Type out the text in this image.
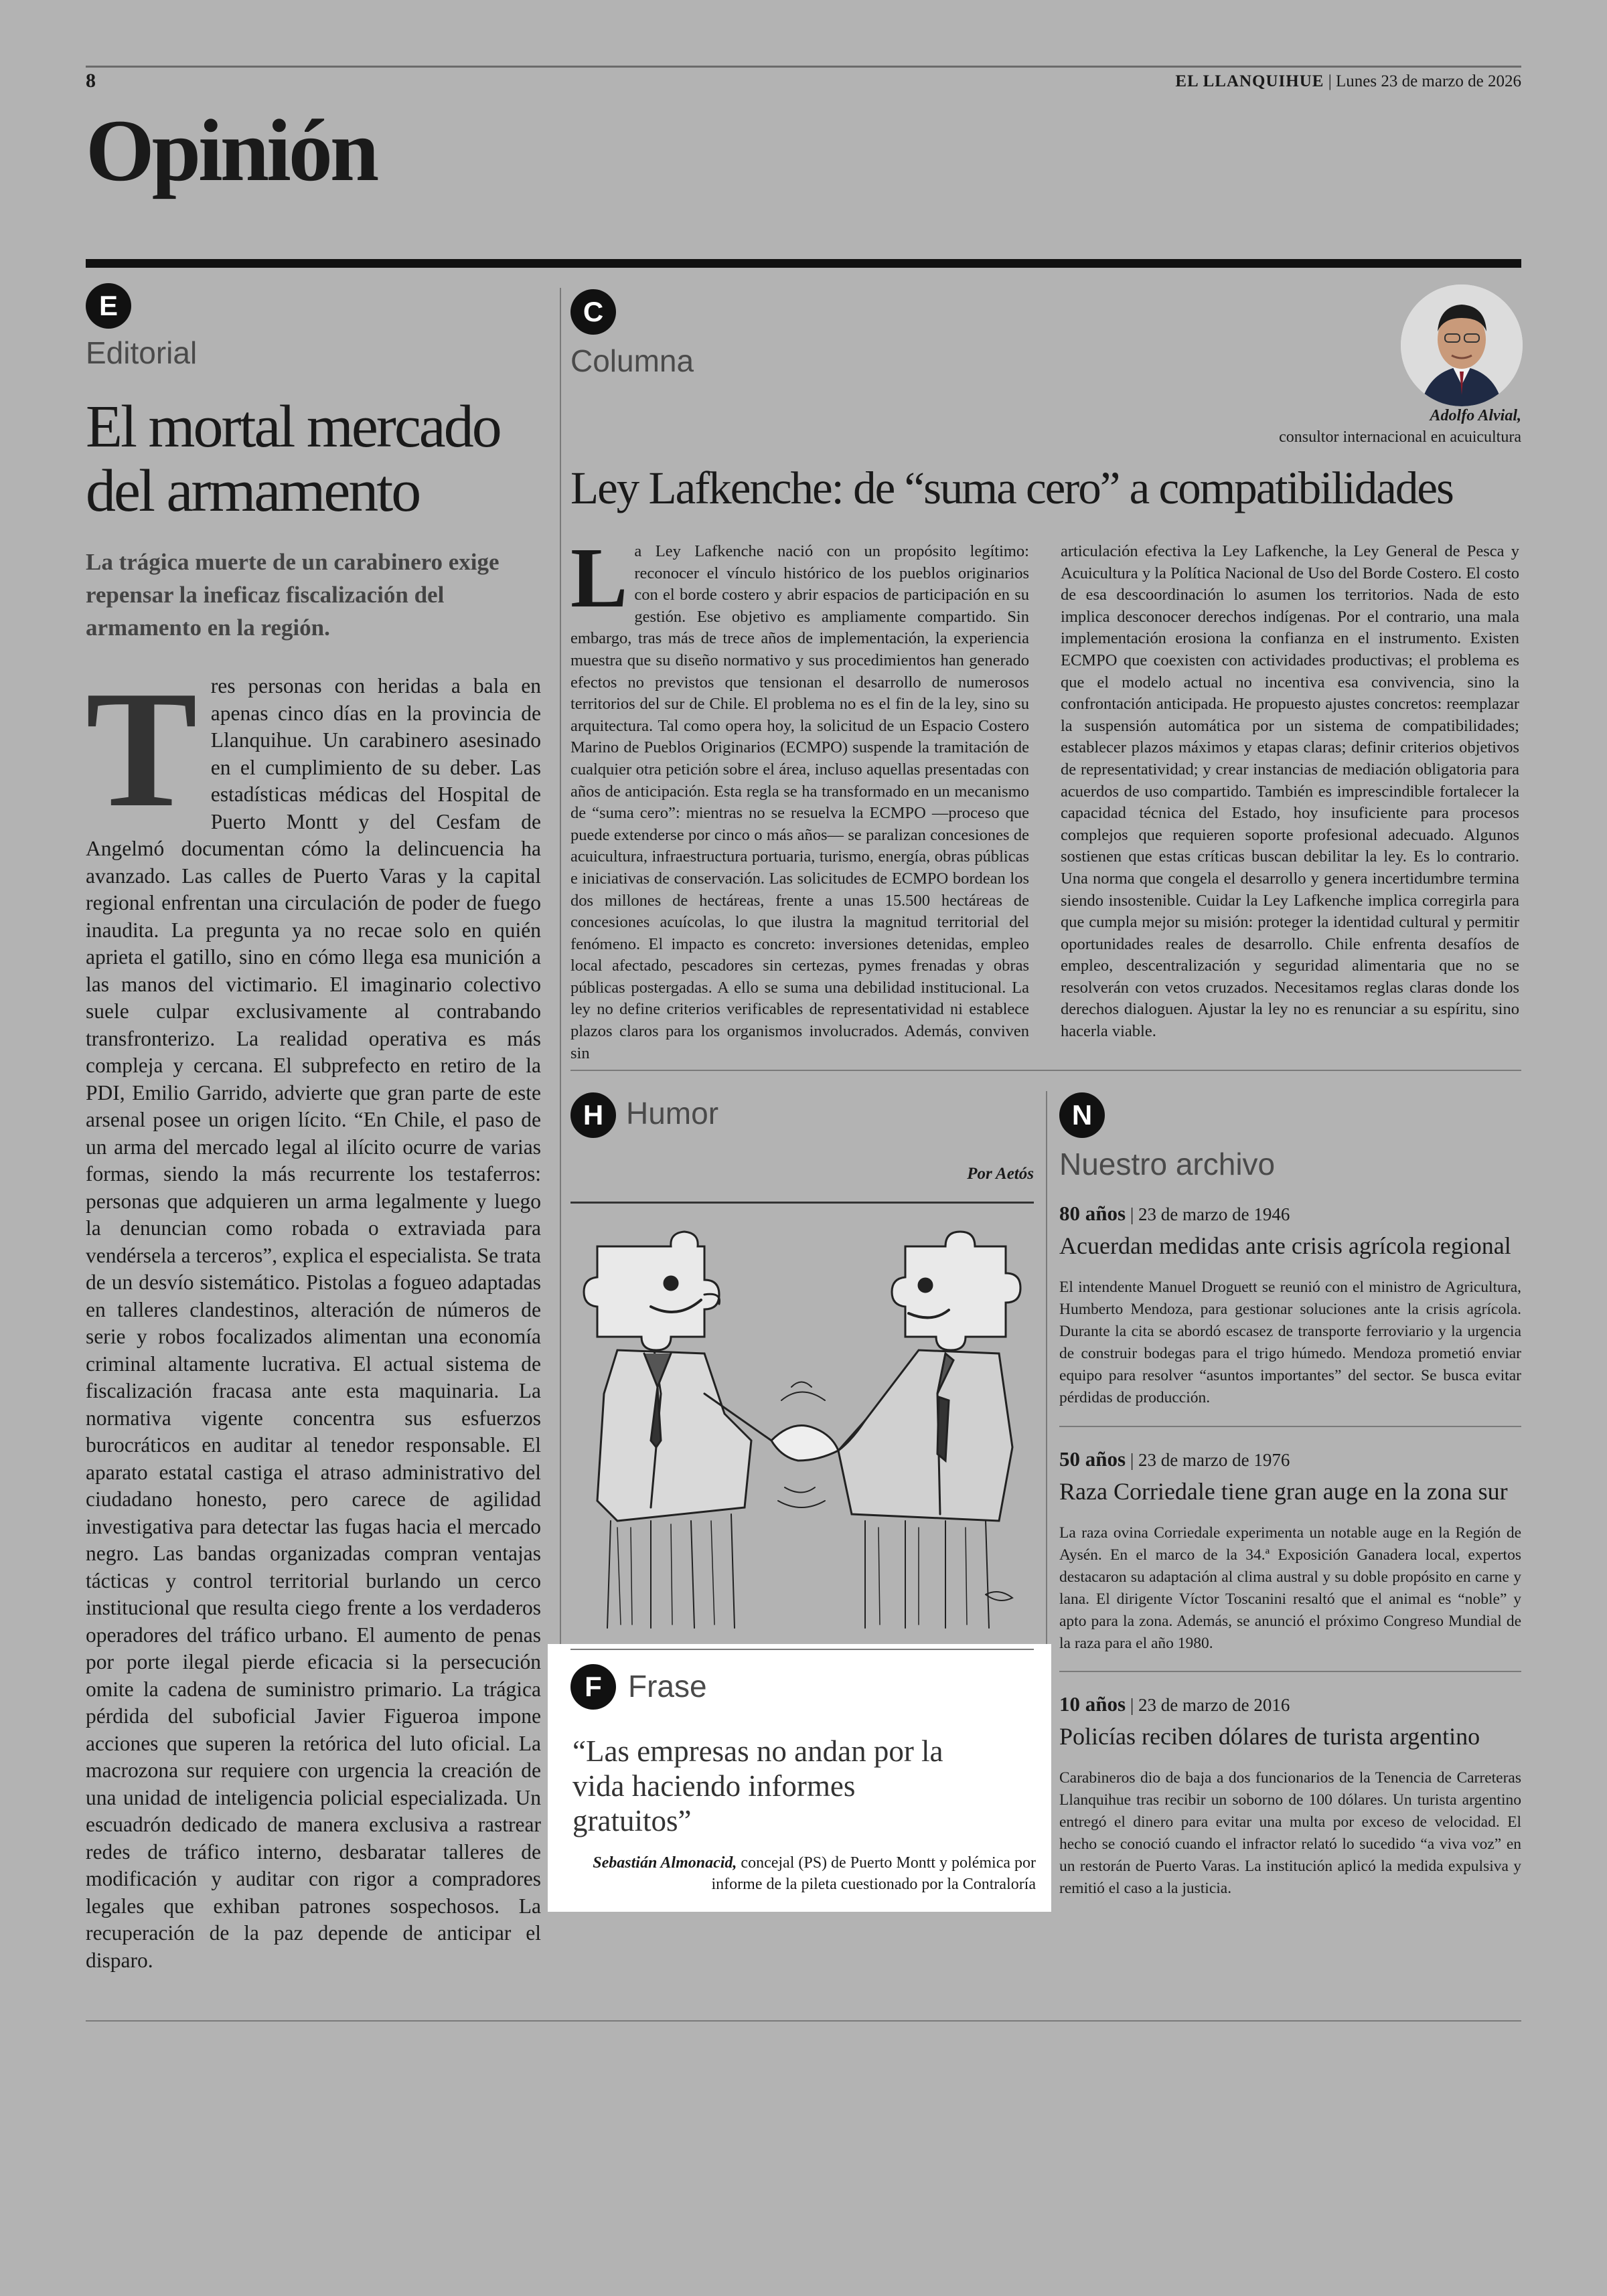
8	EL LLANQUIHUE | Lunes 23 de marzo de 2026
Opinión
E
Editorial
El mortal mercado del armamento
La trágica muerte de un carabinero exige repensar la ineficaz fiscalización del armamento en la región.
Tres personas con heridas a bala en apenas cinco días en la provincia de Llanquihue. Un carabinero asesinado en el cumplimiento de su deber. Las estadísticas médicas del Hospital de Puerto Montt y del Cesfam de Angelmó documentan cómo la delincuencia ha avanzado. Las calles de Puerto Varas y la capital regional enfrentan una circulación de poder de fuego inaudita. La pregunta ya no recae solo en quién aprieta el gatillo, sino en cómo llega esa munición a las manos del victimario. El imaginario colectivo suele culpar exclusivamente al contrabando transfronterizo. La realidad operativa es más compleja y cercana. El subprefecto en retiro de la PDI, Emilio Garrido, advierte que gran parte de este arsenal posee un origen lícito. “En Chile, el paso de un arma del mercado legal al ilícito ocurre de varias formas, siendo la más recurrente los testaferros: personas que adquieren un arma legalmente y luego la denuncian como robada o extraviada para vendérsela a terceros”, explica el especialista. Se trata de un desvío sistemático. Pistolas a fogueo adaptadas en talleres clandestinos, alteración de números de serie y robos focalizados alimentan una economía criminal altamente lucrativa. El actual sistema de fiscalización fracasa ante esta maquinaria. La normativa vigente concentra sus esfuerzos burocráticos en auditar al tenedor responsable. El aparato estatal castiga el atraso administrativo del ciudadano honesto, pero carece de agilidad investigativa para detectar las fugas hacia el mercado negro. Las bandas organizadas compran ventajas tácticas y control territorial burlando un cerco institucional que resulta ciego frente a los verdaderos operadores del tráfico urbano. El aumento de penas por porte ilegal pierde eficacia si la persecución omite la cadena de suministro primario. La trágica pérdida del suboficial Javier Figueroa impone acciones que superen la retórica del luto oficial. La macrozona sur requiere con urgencia la creación de una unidad de inteligencia policial especializada. Un escuadrón dedicado de manera exclusiva a rastrear redes de tráfico interno, desbaratar talleres de modificación y auditar con rigor a compradores legales que exhiban patrones sospechosos. La recuperación de la paz depende de anticipar el disparo.
C
Columna
Adolfo Alvial,
consultor internacional en acuicultura
Ley Lafkenche: de “suma cero” a compatibilidades
La Ley Lafkenche nació con un propósito legítimo: reconocer el vínculo histórico de los pueblos originarios con el borde costero y abrir espacios de participación en su gestión. Ese objetivo es ampliamente compartido. Sin embargo, tras más de trece años de implementación, la experiencia muestra que su diseño normativo y sus procedimientos han generado efectos no previstos que tensionan el desarrollo de numerosos territorios del sur de Chile. El problema no es el fin de la ley, sino su arquitectura. Tal como opera hoy, la solicitud de un Espacio Costero Marino de Pueblos Originarios (ECMPO) suspende la tramitación de cualquier otra petición sobre el área, incluso aquellas presentadas con años de anticipación. Esta regla se ha transformado en un mecanismo de “suma cero”: mientras no se resuelva la ECMPO —proceso que puede extenderse por cinco o más años— se paralizan concesiones de acuicultura, infraestructura portuaria, turismo, energía, obras públicas e iniciativas de conservación. Las solicitudes de ECMPO bordean los dos millones de hectáreas, frente a unas 15.500 hectáreas de concesiones acuícolas, lo que ilustra la magnitud territorial del fenómeno. El impacto es concreto: inversiones detenidas, empleo local afectado, pescadores sin certezas, pymes frenadas y obras públicas postergadas. A ello se suma una debilidad institucional. La ley no define criterios verificables de representatividad ni establece plazos claros para los organismos involucrados. Además, conviven sin
articulación efectiva la Ley Lafkenche, la Ley General de Pesca y Acuicultura y la Política Nacional de Uso del Borde Costero. El costo de esa descoordinación lo asumen los territorios. Nada de esto implica desconocer derechos indígenas. Por el contrario, una mala implementación erosiona la confianza en el instrumento. Existen ECMPO que coexisten con actividades productivas; el problema es que el modelo actual no incentiva esa convivencia, sino la confrontación anticipada. He propuesto ajustes concretos: reemplazar la suspensión automática por un sistema de compatibilidades; establecer plazos máximos y etapas claras; definir criterios objetivos de representatividad; y crear instancias de mediación obligatoria para acuerdos de uso compartido. También es imprescindible fortalecer la capacidad técnica del Estado, hoy insuficiente para procesos complejos que requieren soporte profesional adecuado. Algunos sostienen que estas críticas buscan debilitar la ley. Es lo contrario. Una norma que congela el desarrollo y genera incertidumbre termina siendo insostenible. Cuidar la Ley Lafkenche implica corregirla para que cumpla mejor su misión: proteger la identidad cultural y permitir oportunidades reales de desarrollo. Chile enfrenta desafíos de empleo, descentralización y seguridad alimentaria que no se resolverán con vetos cruzados. Necesitamos reglas claras donde los derechos dialoguen. Ajustar la ley no es renunciar a su espíritu, sino hacerla viable.
H Humor
Por Aetós
F Frase
“Las empresas no andan por la vida haciendo informes gratuitos”
Sebastián Almonacid, concejal (PS) de Puerto Montt y polémica por informe de la pileta cuestionado por la Contraloría
N
Nuestro archivo
80 años | 23 de marzo de 1946
Acuerdan medidas ante crisis agrícola regional
El intendente Manuel Droguett se reunió con el ministro de Agricultura, Humberto Mendoza, para gestionar soluciones ante la crisis agrícola. Durante la cita se abordó escasez de transporte ferroviario y la urgencia de construir bodegas para el trigo húmedo. Mendoza prometió enviar equipo para resolver “asuntos importantes” del sector. Se busca evitar pérdidas de producción.
50 años | 23 de marzo de 1976
Raza Corriedale tiene gran auge en la zona sur
La raza ovina Corriedale experimenta un notable auge en la Región de Aysén. En el marco de la 34.ª Exposición Ganadera local, expertos destacaron su adaptación al clima austral y su doble propósito en carne y lana. El dirigente Víctor Toscanini resaltó que el animal es “noble” y apto para la zona. Además, se anunció el próximo Congreso Mundial de la raza para el año 1980.
10 años | 23 de marzo de 2016
Policías reciben dólares de turista argentino
Carabineros dio de baja a dos funcionarios de la Tenencia de Carreteras Llanquihue tras recibir un soborno de 100 dólares. Un turista argentino entregó el dinero para evitar una multa por exceso de velocidad. El hecho se conoció cuando el infractor relató lo sucedido “a viva voz” en un restorán de Puerto Varas. La institución aplicó la medida expulsiva y remitió el caso a la justicia.
